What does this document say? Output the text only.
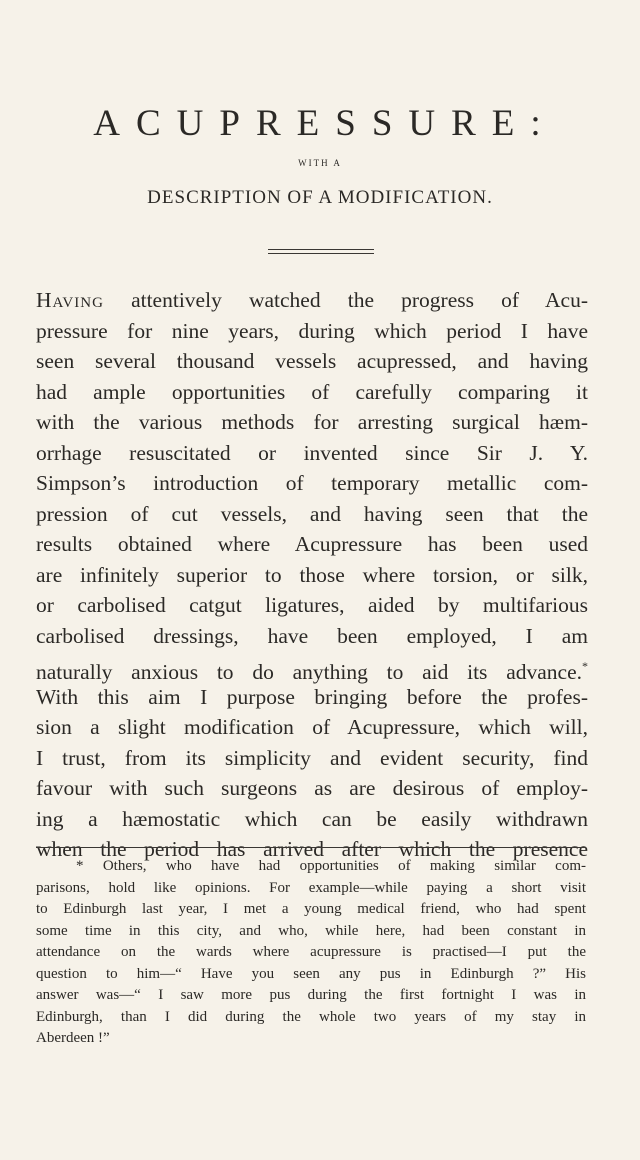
ACUPRESSURE:
WITH A
DESCRIPTION OF A MODIFICATION.
Having attentively watched the progress of Acu-
pressure for nine years, during which period I have
seen several thousand vessels acupressed, and having
had ample opportunities of carefully comparing it
with the various methods for arresting surgical hæm-
orrhage resuscitated or invented since Sir J. Y.
Simpson’s introduction of temporary metallic com-
pression of cut vessels, and having seen that the
results obtained where Acupressure has been used
are infinitely superior to those where torsion, or silk,
or carbolised catgut ligatures, aided by multifarious
carbolised dressings, have been employed, I am
naturally anxious to do anything to aid its advance.*
With this aim I purpose bringing before the profes-
sion a slight modification of Acupressure, which will,
I trust, from its simplicity and evident security, find
favour with such surgeons as are desirous of employ-
ing a hæmostatic which can be easily withdrawn
when the period has arrived after which the presence
* Others, who have had opportunities of making similar com-
parisons, hold like opinions. For example—while paying a short visit
to Edinburgh last year, I met a young medical friend, who had spent
some time in this city, and who, while here, had been constant in
attendance on the wards where acupressure is practised—I put the
question to him—“ Have you seen any pus in Edinburgh ?” His
answer was—“ I saw more pus during the first fortnight I was in
Edinburgh, than I did during the whole two years of my stay in
Aberdeen !”
